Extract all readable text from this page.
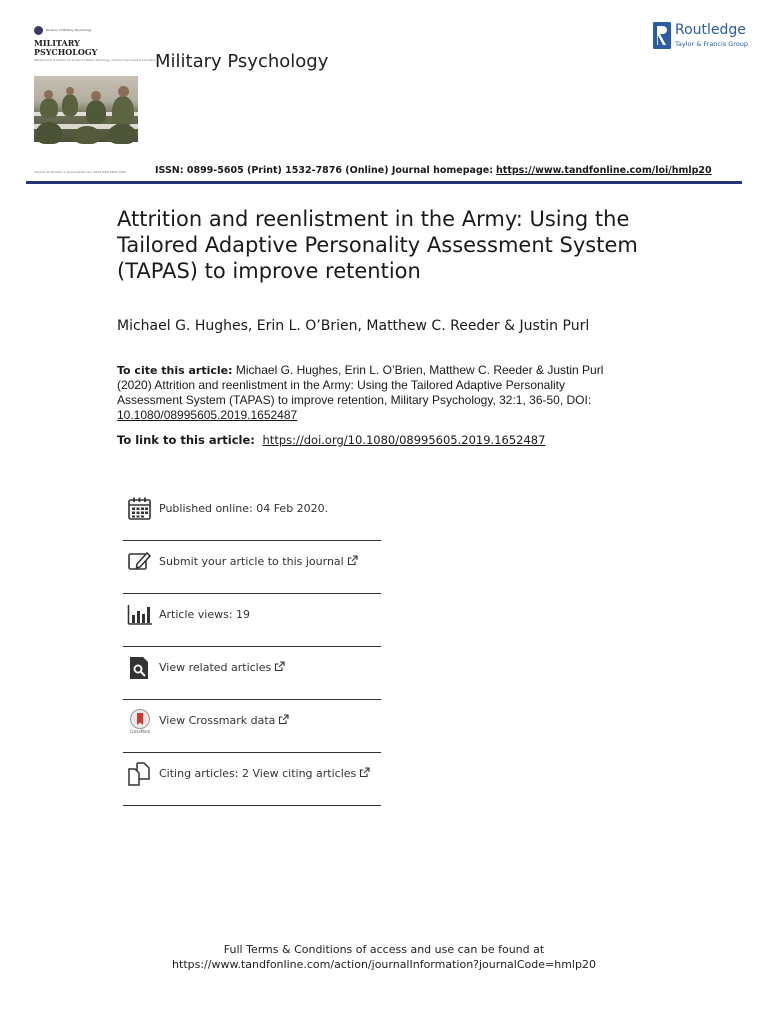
Division of Military Psychology
MILITARY
PSYCHOLOGY
Official Journal of Division 19, Society for Military Psychology, American Psychological Association
Volume 32 Number 1 January/February 2020 ISSN 0899-5605
Military Psychology
Routledge
Taylor & Francis Group
ISSN: 0899-5605 (Print) 1532-7876 (Online) Journal homepage: https://www.tandfonline.com/loi/hmlp20
Attrition and reenlistment in the Army: Using the Tailored Adaptive Personality Assessment System (TAPAS) to improve retention
Michael G. Hughes, Erin L. O’Brien, Matthew C. Reeder & Justin Purl
To cite this article: Michael G. Hughes, Erin L. O’Brien, Matthew C. Reeder & Justin Purl (2020) Attrition and reenlistment in the Army: Using the Tailored Adaptive Personality Assessment System (TAPAS) to improve retention, Military Psychology, 32:1, 36-50, DOI: 10.1080/08995605.2019.1652487
To link to this article: https://doi.org/10.1080/08995605.2019.1652487
Published online: 04 Feb 2020.
Submit your article to this journal
Article views: 19
View related articles
CrossMark
View Crossmark data
Citing articles: 2 View citing articles
Full Terms & Conditions of access and use can be found at
https://www.tandfonline.com/action/journalInformation?journalCode=hmlp20
